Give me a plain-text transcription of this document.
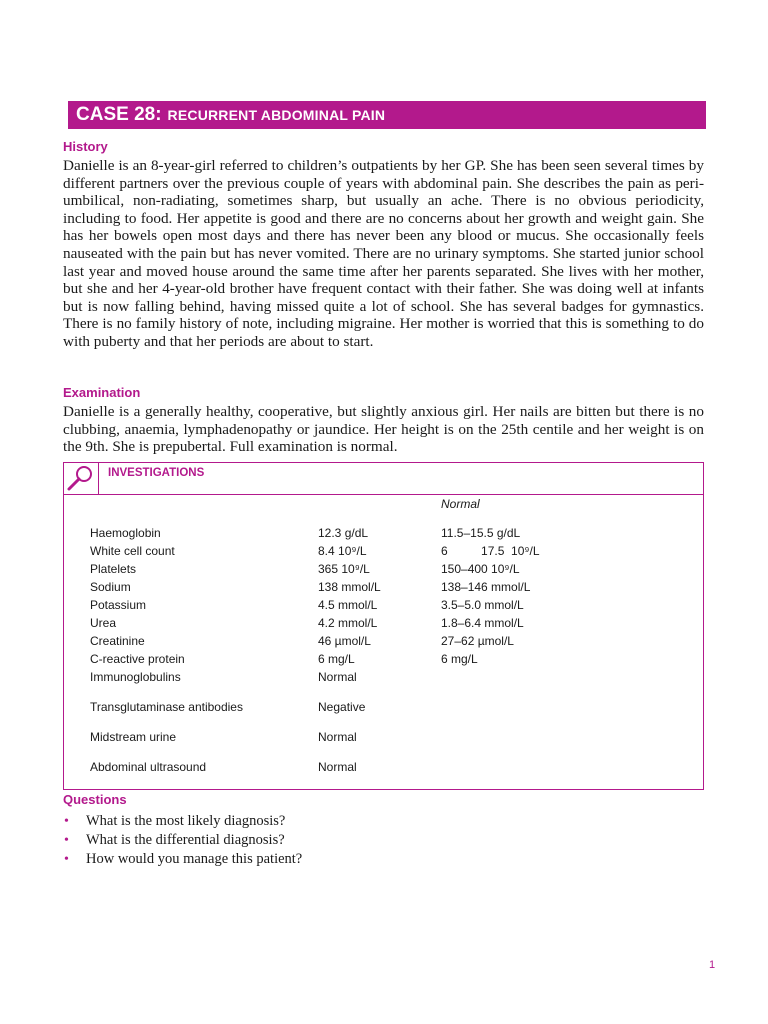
CASE 28: RECURRENT ABDOMINAL PAIN
History

Danielle is an 8-year-girl referred to children’s outpatients by her GP. She has been seen several times by different partners over the previous couple of years with abdominal pain. She describes the pain as peri-umbilical, non-radiating, sometimes sharp, but usually an ache. There is no obvious periodicity, including to food. Her appetite is good and there are no concerns about her growth and weight gain. She has her bowels open most days and there has never been any blood or mucus. She occasionally feels nauseated with the pain but has never vomited. There are no urinary symptoms. She started junior school last year and moved house around the same time after her parents separated. She lives with her mother, but she and her 4-year-old brother have frequent contact with their father. She was doing well at infants but is now falling behind, having missed quite a lot of school. She has several badges for gymnastics. There is no family history of note, including migraine. Her mother is worried that this is something to do with puberty and that her periods are about to start.

Examination

Danielle is a generally healthy, cooperative, but slightly anxious girl. Her nails are bitten but there is no clubbing, anaemia, lymphadenopathy or jaundice. Her height is on the 25th centile and her weight is on the 9th. She is prepubertal. Full examination is normal.

INVESTIGATIONS
Normal
Haemoglobin	12.3 g/dL	11.5–15.5 g/dL
White cell count	8.4 10⁹/L	6          17.5  10⁹/L
Platelets	365 10⁹/L	150–400 10⁹/L
Sodium	138 mmol/L	138–146 mmol/L
Potassium	4.5 mmol/L	3.5–5.0 mmol/L
Urea	4.2 mmol/L	1.8–6.4 mmol/L
Creatinine	46 µmol/L	27–62 µmol/L
C-reactive protein	6 mg/L	6 mg/L
Immunoglobulins	Normal
Transglutaminase antibodies	Negative
Midstream urine	Normal
Abdominal ultrasound	Normal
Questions
• What is the most likely diagnosis?
• What is the differential diagnosis?
• How would you manage this patient?
1
